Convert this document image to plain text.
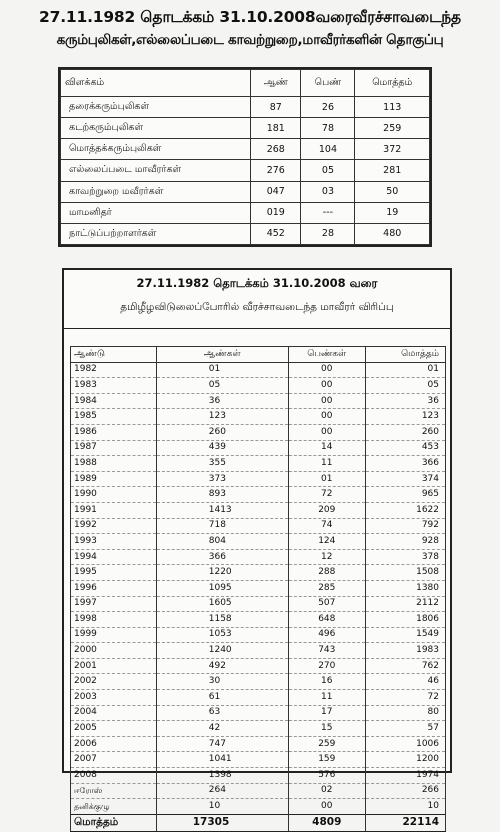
27.11.1982 தொடக்கம் 31.10.2008வரைவீரச்சாவடைந்த
கரும்புலிகள்,எல்லைப்படை காவற்றுறை,மாவீரர்களின் தொகுப்பு
விளக்கம்	ஆண்	பெண்	மொத்தம்
தரைக்கரும்புலிகள்	87	26	113
கடற்கரும்புலிகள்	181	78	259
மொத்தக்கரும்புலிகள்	268	104	372
எல்லைப்படை மாவீரர்கள்	276	05	281
காவற்றுறை மவீரர்கள்	047	03	50
மாமனிதர்	019	---	19
நாட்டுப்பற்றாளர்கள்	452	28	480
27.11.1982 தொடக்கம் 31.10.2008 வரை
தமிழீழவிடுலைப்போரில் வீரச்சாவடைந்த மாவீரர் விரிப்பு
ஆண்டு	ஆண்கள்	பெண்கள்	மொத்தம்
1982	01	00	01
1983	05	00	05
1984	36	00	36
1985	123	00	123
1986	260	00	260
1987	439	14	453
1988	355	11	366
1989	373	01	374
1990	893	72	965
1991	1413	209	1622
1992	718	74	792
1993	804	124	928
1994	366	12	378
1995	1220	288	1508
1996	1095	285	1380
1997	1605	507	2112
1998	1158	648	1806
1999	1053	496	1549
2000	1240	743	1983
2001	492	270	762
2002	30	16	46
2003	61	11	72
2004	63	17	80
2005	42	15	57
2006	747	259	1006
2007	1041	159	1200
2008	1398	576	1974
ஈரோஸ்	264	02	266
தனிக்குழு	10	00	10
மொத்தம்	17305	4809	22114
